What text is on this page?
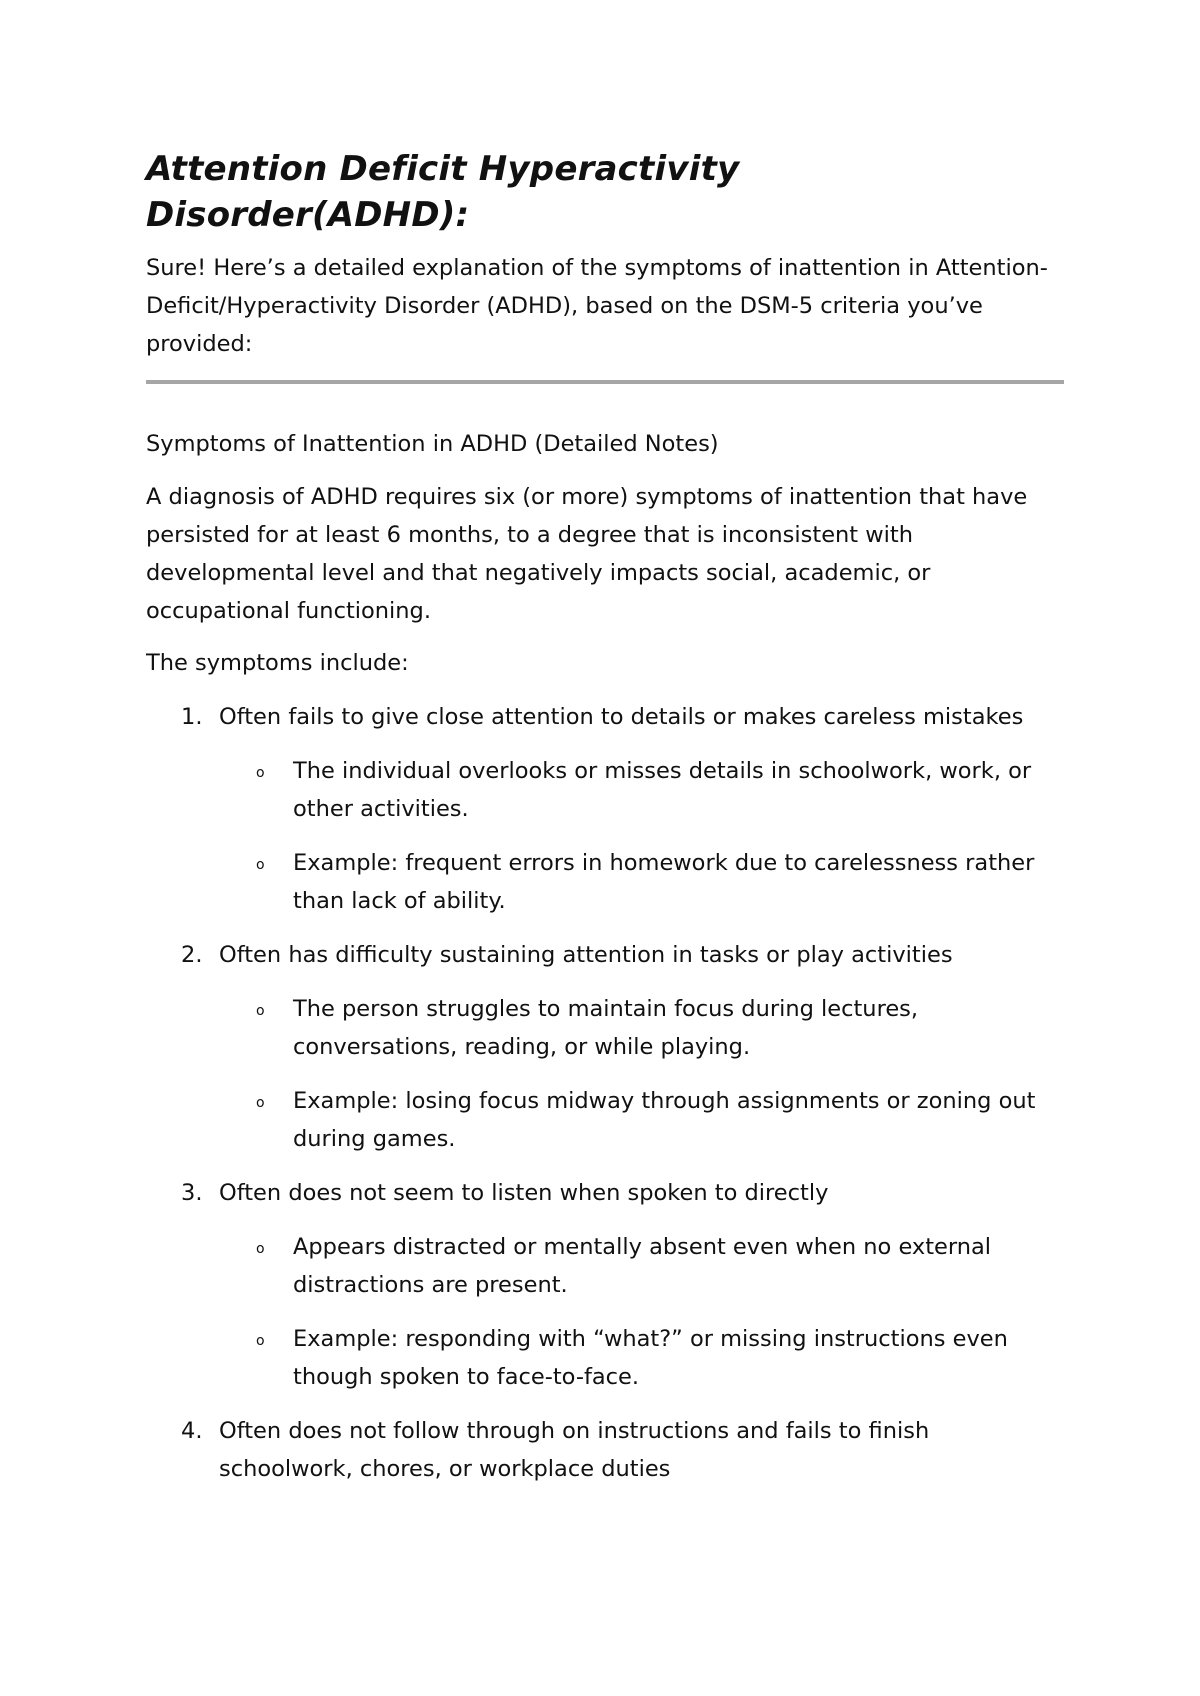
Attention Deficit Hyperactivity
Disorder(ADHD):

Sure! Here’s a detailed explanation of the symptoms of inattention in Attention-Deficit/Hyperactivity Disorder (ADHD), based on the DSM-5 criteria you’ve provided:

Symptoms of Inattention in ADHD (Detailed Notes)

A diagnosis of ADHD requires six (or more) symptoms of inattention that have persisted for at least 6 months, to a degree that is inconsistent with developmental level and that negatively impacts social, academic, or occupational functioning.

The symptoms include:

1. Often fails to give close attention to details or makes careless mistakes
o The individual overlooks or misses details in schoolwork, work, or other activities.
o Example: frequent errors in homework due to carelessness rather than lack of ability.
2. Often has difficulty sustaining attention in tasks or play activities
o The person struggles to maintain focus during lectures, conversations, reading, or while playing.
o Example: losing focus midway through assignments or zoning out during games.
3. Often does not seem to listen when spoken to directly
o Appears distracted or mentally absent even when no external distractions are present.
o Example: responding with “what?” or missing instructions even though spoken to face-to-face.
4. Often does not follow through on instructions and fails to finish schoolwork, chores, or workplace duties
